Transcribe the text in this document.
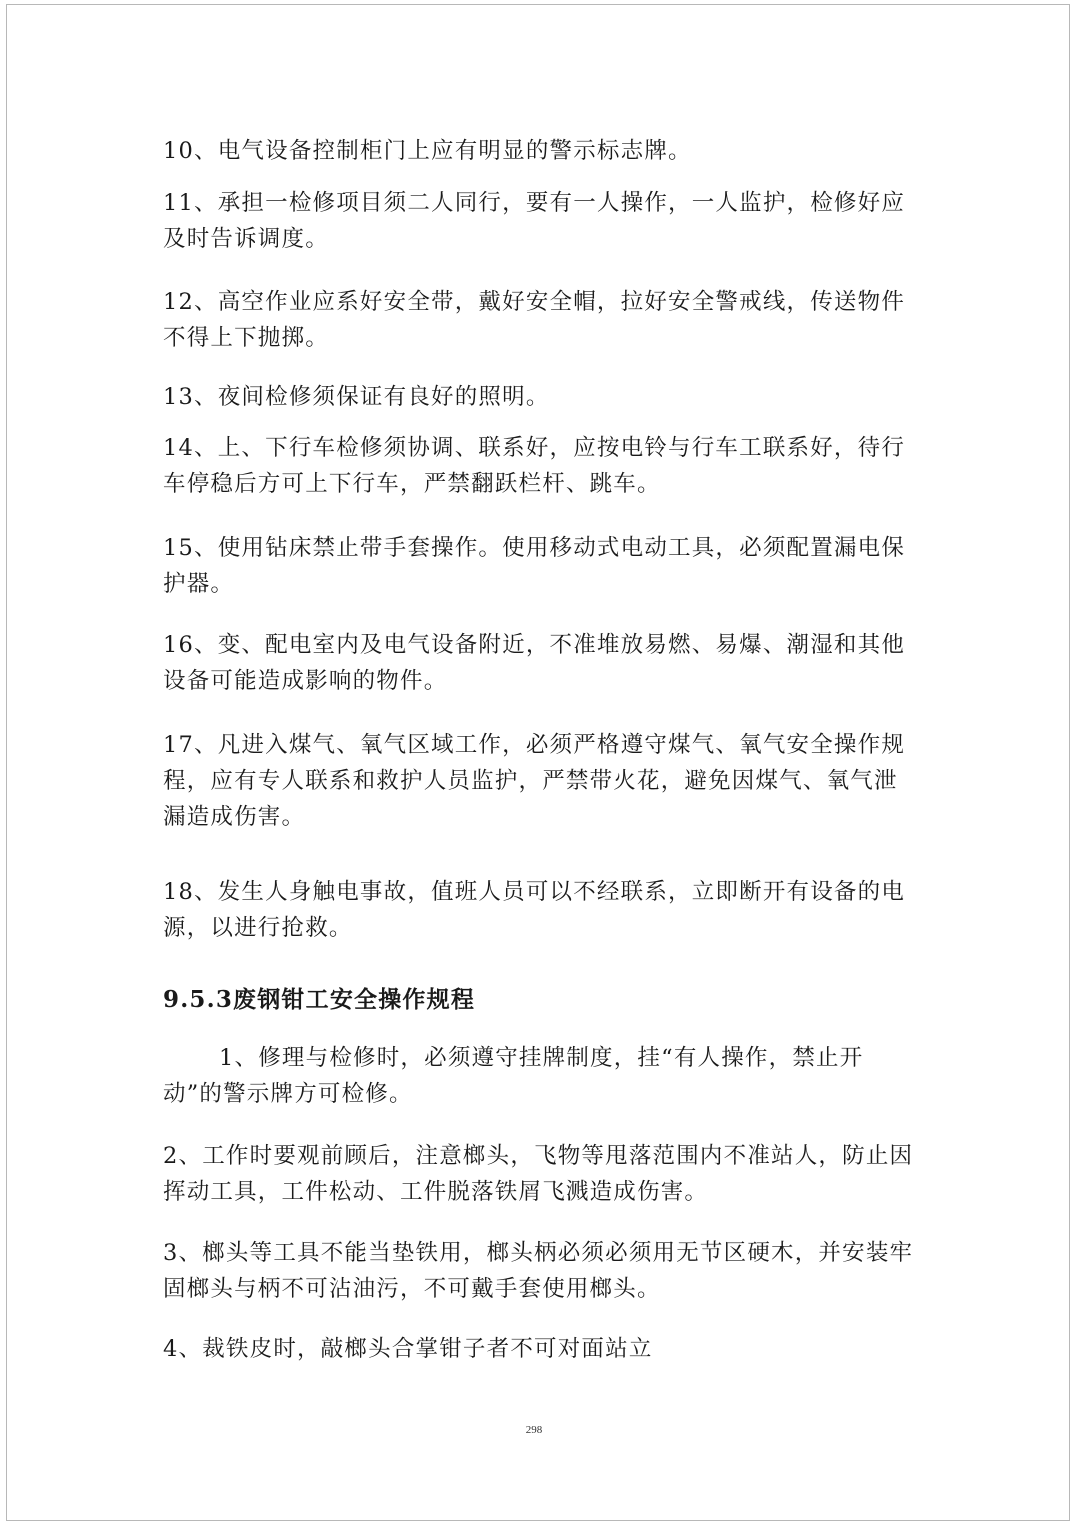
10、电气设备控制柜门上应有明显的警示标志牌。

11、承担一检修项目须二人同行，要有一人操作，一人监护，检修好应及时告诉调度。

12、高空作业应系好安全带，戴好安全帽，拉好安全警戒线，传送物件不得上下抛掷。

13、夜间检修须保证有良好的照明。

14、上、下行车检修须协调、联系好，应按电铃与行车工联系好，待行车停稳后方可上下行车，严禁翻跃栏杆、跳车。

15、使用钻床禁止带手套操作。使用移动式电动工具，必须配置漏电保护器。

16、变、配电室内及电气设备附近，不准堆放易燃、易爆、潮湿和其他设备可能造成影响的物件。

17、凡进入煤气、氧气区域工作，必须严格遵守煤气、氧气安全操作规程，应有专人联系和救护人员监护，严禁带火花，避免因煤气、氧气泄漏造成伤害。

18、发生人身触电事故，值班人员可以不经联系，立即断开有设备的电源，以进行抢救。

9.5.3废钢钳工安全操作规程

1、修理与检修时，必须遵守挂牌制度，挂“有人操作，禁止开动”的警示牌方可检修。

2、工作时要观前顾后，注意榔头，飞物等甩落范围内不准站人，防止因挥动工具，工件松动、工件脱落铁屑飞溅造成伤害。

3、榔头等工具不能当垫铁用，榔头柄必须必须用无节区硬木，并安装牢固榔头与柄不可沾油污，不可戴手套使用榔头。

4、裁铁皮时，敲榔头合掌钳子者不可对面站立

298
